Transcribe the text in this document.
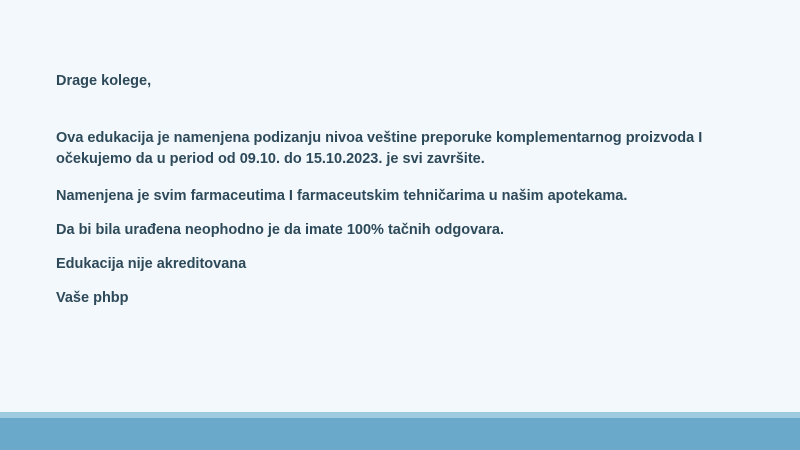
Drage kolege,

Ova edukacija je namenjena podizanju nivoa veštine preporuke komplementarnog proizvoda I očekujemo da u period od 09.10. do 15.10.2023. je svi završite.

Namenjena je svim farmaceutima I farmaceutskim tehničarima u našim apotekama.

Da bi bila urađena neophodno je da imate 100% tačnih odgovara.

Edukacija nije akreditovana

Vaše phbp
